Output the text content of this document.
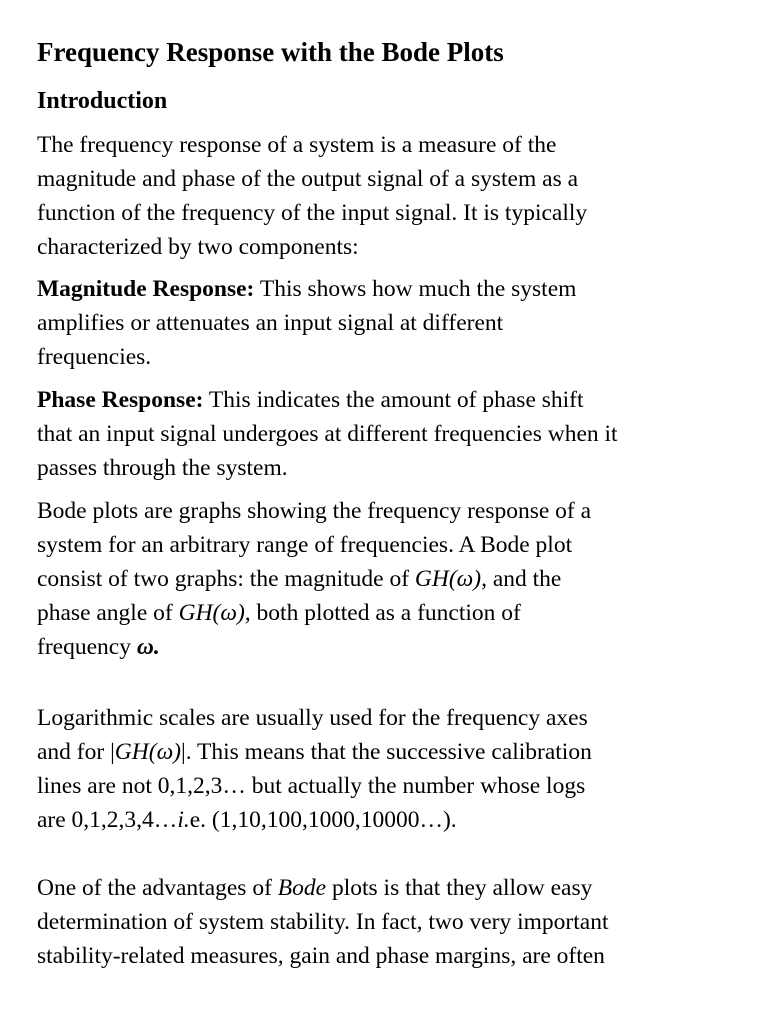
Frequency Response with the Bode Plots
Introduction

The frequency response of a system is a measure of the
magnitude and phase of the output signal of a system as a
function of the frequency of the input signal. It is typically
characterized by two components:

Magnitude Response: This shows how much the system
amplifies or attenuates an input signal at different
frequencies.

Phase Response: This indicates the amount of phase shift
that an input signal undergoes at different frequencies when it
passes through the system.

Bode plots are graphs showing the frequency response of a
system for an arbitrary range of frequencies. A Bode plot
consist of two graphs: the magnitude of GH(ω), and the
phase angle of GH(ω), both plotted as a function of
frequency ω.

Logarithmic scales are usually used for the frequency axes
and for |GH(ω)|. This means that the successive calibration
lines are not 0,1,2,3… but actually the number whose logs
are 0,1,2,3,4…i.e. (1,10,100,1000,10000…).

One of the advantages of Bode plots is that they allow easy
determination of system stability. In fact, two very important
stability-related measures, gain and phase margins, are often
